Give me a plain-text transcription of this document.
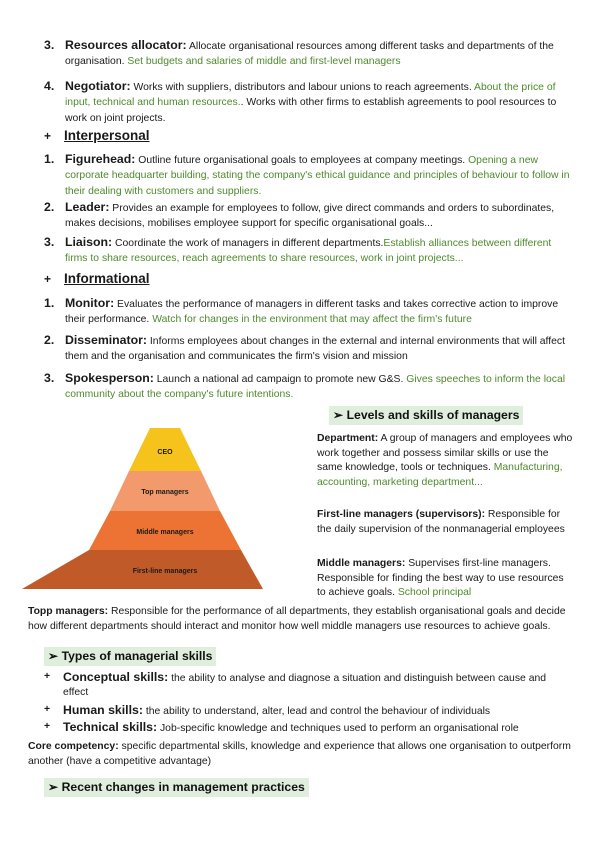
3. Resources allocator: Allocate organisational resources among different tasks and departments of the organisation. Set budgets and salaries of middle and first-level managers
4. Negotiator: Works with suppliers, distributors and labour unions to reach agreements. About the price of input, technical and human resources.. Works with other firms to establish agreements to pool resources to work on joint projects.
+ Interpersonal
1. Figurehead: Outline future organisational goals to employees at company meetings. Opening a new corporate headquarter building, stating the company's ethical guidance and principles of behaviour to follow in their dealing with customers and suppliers.
2. Leader: Provides an example for employees to follow, give direct commands and orders to subordinates, makes decisions, mobilises employee support for specific organisational goals...
3. Liaison: Coordinate the work of managers in different departments.Establish alliances between different firms to share resources, reach agreements to share resources, work in joint projects...
+ Informational
1. Monitor: Evaluates the performance of managers in different tasks and takes corrective action to improve their performance. Watch for changes in the environment that may affect the firm's future
2. Disseminator: Informs employees about changes in the external and internal environments that will affect them and the organisation and communicates the firm's vision and mission
3. Spokesperson: Launch a national ad campaign to promote new G&S. Gives speeches to inform the local community about the company's future intentions.
➢ Levels and skills of managers
CEO
Top managers
Middle managers
First-line managers
Department: A group of managers and employees who work together and possess similar skills or use the same knowledge, tools or techniques. Manufacturing, accounting, marketing department...
First-line managers (supervisors): Responsible for the daily supervision of the nonmanagerial employees
Middle managers: Supervises first-line managers. Responsible for finding the best way to use resources to achieve goals. School principal
Topp managers: Responsible for the performance of all departments, they establish organisational goals and decide how different departments should interact and monitor how well middle managers use resources to achieve goals.
➢ Types of managerial skills
+ Conceptual skills: the ability to analyse and diagnose a situation and distinguish between cause and effect
+ Human skills: the ability to understand, alter, lead and control the behaviour of individuals
+ Technical skills: Job-specific knowledge and techniques used to perform an organisational role
Core competency: specific departmental skills, knowledge and experience that allows one organisation to outperform another (have a competitive advantage)
➢ Recent changes in management practices
